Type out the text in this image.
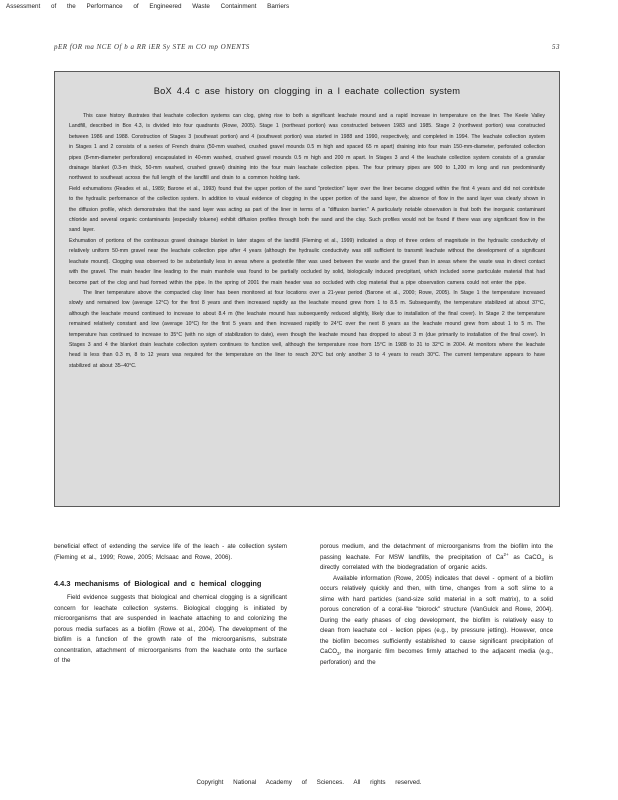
Assessment of the Performance of Engineered Waste Containment Barriers
pER fOR ma NCE Of b a RR iER Sy STE m CO mp ONENTS	53
BoX 4.4 c ase history on clogging in a l eachate collection system

This case history illustrates that leachate collection systems can clog, giving rise to both a significant leachate mound and a rapid increase in temperature on the liner. The Keele Valley Landfill, described in Box 4.3, is divided into four quadrants (Rowe, 2005). Stage 1 (northeast portion) was constructed between 1983 and 1985. Stage 2 (northwest portion) was constructed between 1986 and 1988. Construction of Stages 3 (southeast portion) and 4 (southwest portion) was started in 1988 and 1990, respectively, and completed in 1994. The leachate collection system in Stages 1 and 2 consists of a series of French drains (50-mm washed, crushed gravel mounds 0.5 m high and spaced 65 m apart) draining into four main 150-mm-diameter, perforated collection pipes (8-mm-diameter perforations) encapsulated in 40-mm washed, crushed gravel mounds 0.5 m high and 200 m apart. In Stages 3 and 4 the leachate collection system consists of a granular drainage blanket (0.3-m thick, 50-mm washed, crushed gravel) draining into the four main leachate collection pipes. The four primary pipes are 900 to 1,200 m long and run predominantly northwest to southeast across the full length of the landfill and drain to a common holding tank.

Field exhumations (Reades et al., 1989; Barone et al., 1993) found that the upper portion of the sand "protection" layer over the liner became clogged within the first 4 years and did not contribute to the hydraulic performance of the collection system. In addition to visual evidence of clogging in the upper portion of the sand layer, the absence of flow in the sand layer was clearly shown in the diffusion profile, which demonstrates that the sand layer was acting as part of the liner in terms of a "diffusion barrier." A particularly notable observation is that both the inorganic contaminant chloride and several organic contaminants (especially toluene) exhibit diffusion profiles through both the sand and the clay. Such profiles would not be found if there was any significant flow in the sand layer.

Exhumation of portions of the continuous gravel drainage blanket in later stages of the landfill (Fleming et al., 1999) indicated a drop of three orders of magnitude in the hydraulic conductivity of relatively uniform 50-mm gravel near the leachate collection pipe after 4 years (although the hydraulic conductivity was still sufficient to transmit leachate without the development of a significant leachate mound). Clogging was observed to be substantially less in areas where a geotextile filter was used between the waste and the gravel than in areas where the waste was in direct contact with the gravel. The main header line leading to the main manhole was found to be partially occluded by solid, biologically induced precipitant, which included some particulate material that had become part of the clog and had formed within the pipe. In the spring of 2001 the main header was so occluded with clog material that a pipe observation camera could not enter the pipe.

The liner temperature above the compacted clay liner has been monitored at four locations over a 21-year period (Barone et al., 2000; Rowe, 2005). In Stage 1 the temperature increased slowly and remained low (average 12°C) for the first 8 years and then increased rapidly as the leachate mound grew from 1 to 8.5 m. Subsequently, the temperature stabilized at about 37°C, although the leachate mound continued to increase to about 8.4 m (the leachate mound has subsequently reduced slightly, likely due to installation of the final cover). In Stage 2 the temperature remained relatively constant and low (average 10°C) for the first 5 years and then increased rapidly to 24°C over the next 8 years as the leachate mound grew from about 1 to 5 m. The temperature has continued to increase to 35°C (with no sign of stabilization to date), even though the leachate mound has dropped to about 3 m (due primarily to installation of the final cover). In Stages 3 and 4 the blanket drain leachate collection system continues to function well, although the temperature rose from 15°C in 1988 to 31 to 32°C in 2004. At monitors where the leachate head is less than 0.3 m, 8 to 12 years was required for the temperature on the liner to reach 20°C but only another 3 to 4 years to reach 30°C. The current temperature appears to have stabilized at about 35–40°C.

beneficial effect of extending the service life of the leach - ate collection system (Fleming et al., 1999; Rowe, 2005; McIsaac and Rowe, 2006).

4.4.3 mechanisms of Biological and c hemical clogging

Field evidence suggests that biological and chemical clogging is a significant concern for leachate collection systems. Biological clogging is initiated by microorganisms that are suspended in leachate attaching to and colonizing the porous media surfaces as a biofilm (Rowe et al., 2004). The development of the biofilm is a function of the growth rate of the microorganisms, substrate concentration, attachment of microorganisms from the leachate onto the surface of the

porous medium, and the detachment of microorganisms from the biofilm into the passing leachate. For MSW landfills, the precipitation of $Ca^{2+}$ as CaCO$_3$ is directly correlated with the biodegradation of organic acids.

Available information (Rowe, 2005) indicates that devel - opment of a biofilm occurs relatively quickly and then, with time, changes from a soft slime to a slime with hard particles (sand-size solid material in a soft matrix), to a solid porous concretion of a coral-like "biorock" structure (VanGulck and Rowe, 2004). During the early phases of clog development, the biofilm is relatively easy to clean from leachate col - lection pipes (e.g., by pressure jetting). However, once the biofilm becomes sufficiently established to cause significant precipitation of CaCO$_3$, the inorganic film becomes firmly attached to the adjacent media (e.g., perforation) and the

Copyright National Academy of Sciences. All rights reserved.
